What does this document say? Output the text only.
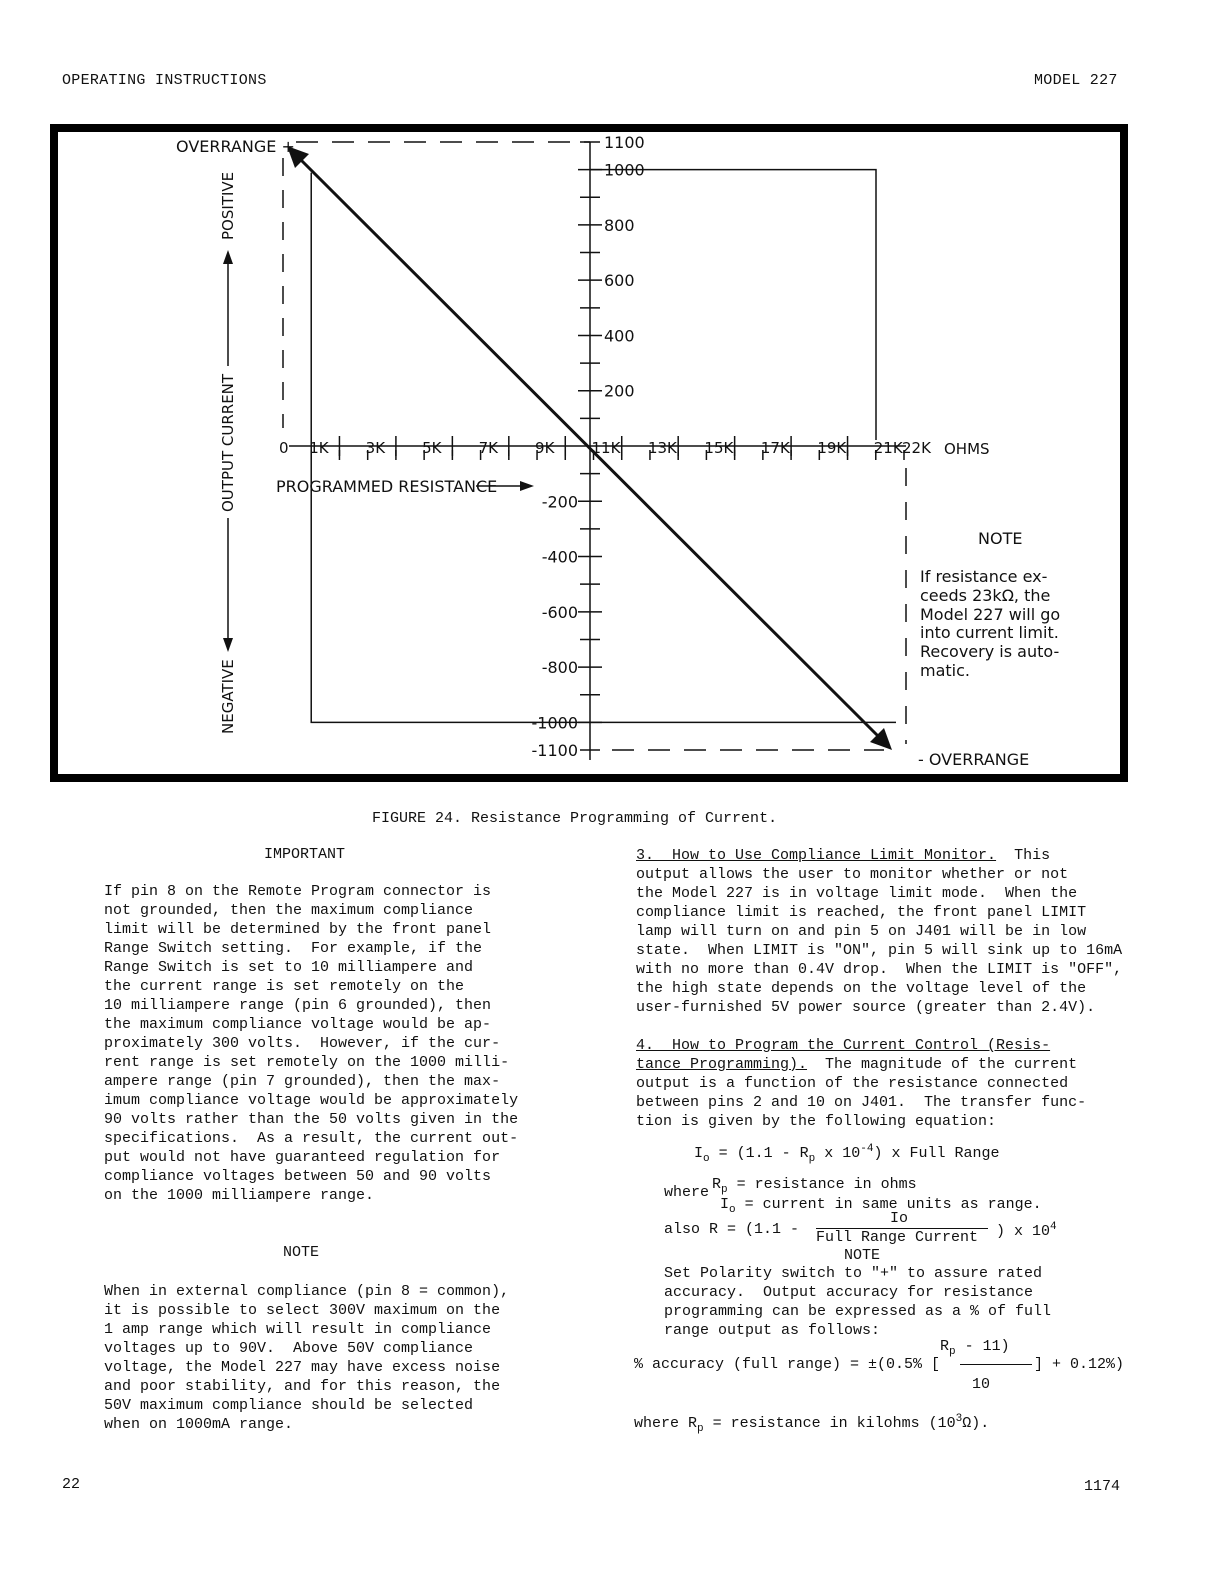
OPERATING INSTRUCTIONS	MODEL 227
0 1K 3K 5K 7K 9K 11K 13K 15K 17K 19K 21K 22K
1100
1000
800
600
400
200
-200
-400
-600
-800
-1000
-1100
NOTE
If resistance ex-
ceeds 23kΩ, the
Model 227 will go
into current limit.
Recovery is auto-
matic.
OVERRANGE +
- OVERRANGE
PROGRAMMED RESISTANCE
OHMS
POSITIVE
OUTPUT CURRENT
NEGATIVE
FIGURE 24. Resistance Programming of Current.
IMPORTANT

If pin 8 on the Remote Program connector is

not grounded, then the maximum compliance

limit will be determined by the front panel

Range Switch setting.  For example, if the

Range Switch is set to 10 milliampere and

the current range is set remotely on the

10 milliampere range (pin 6 grounded), then

the maximum compliance voltage would be ap-

proximately 300 volts.  However, if the cur-

rent range is set remotely on the 1000 milli-

ampere range (pin 7 grounded), then the max-

imum compliance voltage would be approximately

90 volts rather than the 50 volts given in the

specifications.  As a result, the current out-

put would not have guaranteed regulation for

compliance voltages between 50 and 90 volts

on the 1000 milliampere range.

NOTE

When in external compliance (pin 8 = common),

it is possible to select 300V maximum on the

1 amp range which will result in compliance

voltages up to 90V.  Above 50V compliance

voltage, the Model 227 may have excess noise

and poor stability, and for this reason, the

50V maximum compliance should be selected

when on 1000mA range.

3.  How to Use Compliance Limit Monitor.  This

output allows the user to monitor whether or not

the Model 227 is in voltage limit mode.  When the

compliance limit is reached, the front panel LIMIT

lamp will turn on and pin 5 on J401 will be in low

state.  When LIMIT is "ON", pin 5 will sink up to 16mA

with no more than 0.4V drop.  When the LIMIT is "OFF",

the high state depends on the voltage level of the

user-furnished 5V power source (greater than 2.4V).

4.  How to Program the Current Control (Resis-

tance Programming).  The magnitude of the current

output is a function of the resistance connected

between pins 2 and 10 on J401.  The transfer func-

tion is given by the following equation:

$I_o = (1.1 - R_p$ x $10^{-4}$) x Full Range
where $R_p$ = resistance in ohms
$I_o$ = current in same units as range.
also R = (1.1 -
Io
Full Range Current ) x $10^4$
NOTE

Set Polarity switch to "+" to assure rated

accuracy.  Output accuracy for resistance

programming can be expressed as a % of full

range output as follows:

$R_p - 11$)
% accuracy (full range) = ±(0.5% [	] + 0.12%)
10
where $R_p$ = resistance in kilohms $(10^3\Omega)$.
22	1174
